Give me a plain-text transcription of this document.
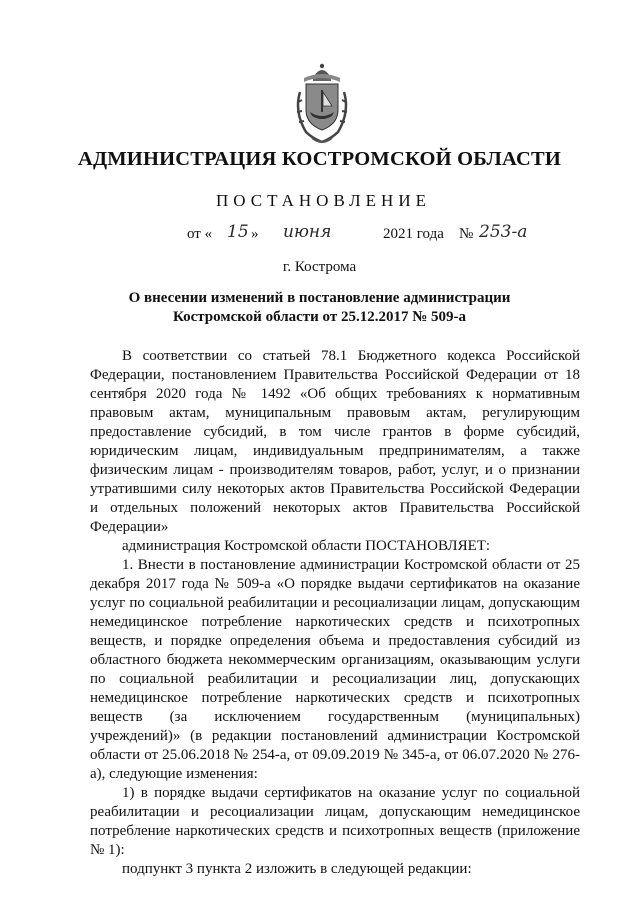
АДМИНИСТРАЦИЯ КОСТРОМСКОЙ ОБЛАСТИ
ПОСТАНОВЛЕНИЕ
от « 15 » июня	2021 года № 253-а
г. Кострома
О внесении изменений в постановление администрации
Костромской области от 25.12.2017 № 509-а

В соответствии со статьей 78.1 Бюджетного кодекса Российской Федерации, постановлением Правительства Российской Федерации от 18 сентября 2020 года № 1492 «Об общих требованиях к нормативным правовым актам, муниципальным правовым актам, регулирующим предоставление субсидий, в том числе грантов в форме субсидий, юридическим лицам, индивидуальным предпринимателям, а также физическим лицам - производителям товаров, работ, услуг, и о признании утратившими силу некоторых актов Правительства Российской Федерации и отдельных положений некоторых актов Правительства Российской Федерации»

администрация Костромской области ПОСТАНОВЛЯЕТ:

1. Внести в постановление администрации Костромской области от 25 декабря 2017 года № 509-а «О порядке выдачи сертификатов на оказание услуг по социальной реабилитации и ресоциализации лицам, допускающим немедицинское потребление наркотических средств и психотропных веществ, и порядке определения объема и предоставления субсидий из областного бюджета некоммерческим организациям, оказывающим услуги по социальной реабилитации и ресоциализации лиц, допускающих немедицинское потребление наркотических средств и психотропных веществ (за исключением государственным (муниципальных) учреждений)» (в редакции постановлений администрации Костромской области от 25.06.2018 № 254-а, от 09.09.2019 № 345-а, от 06.07.2020 № 276-а), следующие изменения:

1) в порядке выдачи сертификатов на оказание услуг по социальной реабилитации и ресоциализации лицам, допускающим немедицинское потребление наркотических средств и психотропных веществ (приложение № 1):

подпункт 3 пункта 2 изложить в следующей редакции:
